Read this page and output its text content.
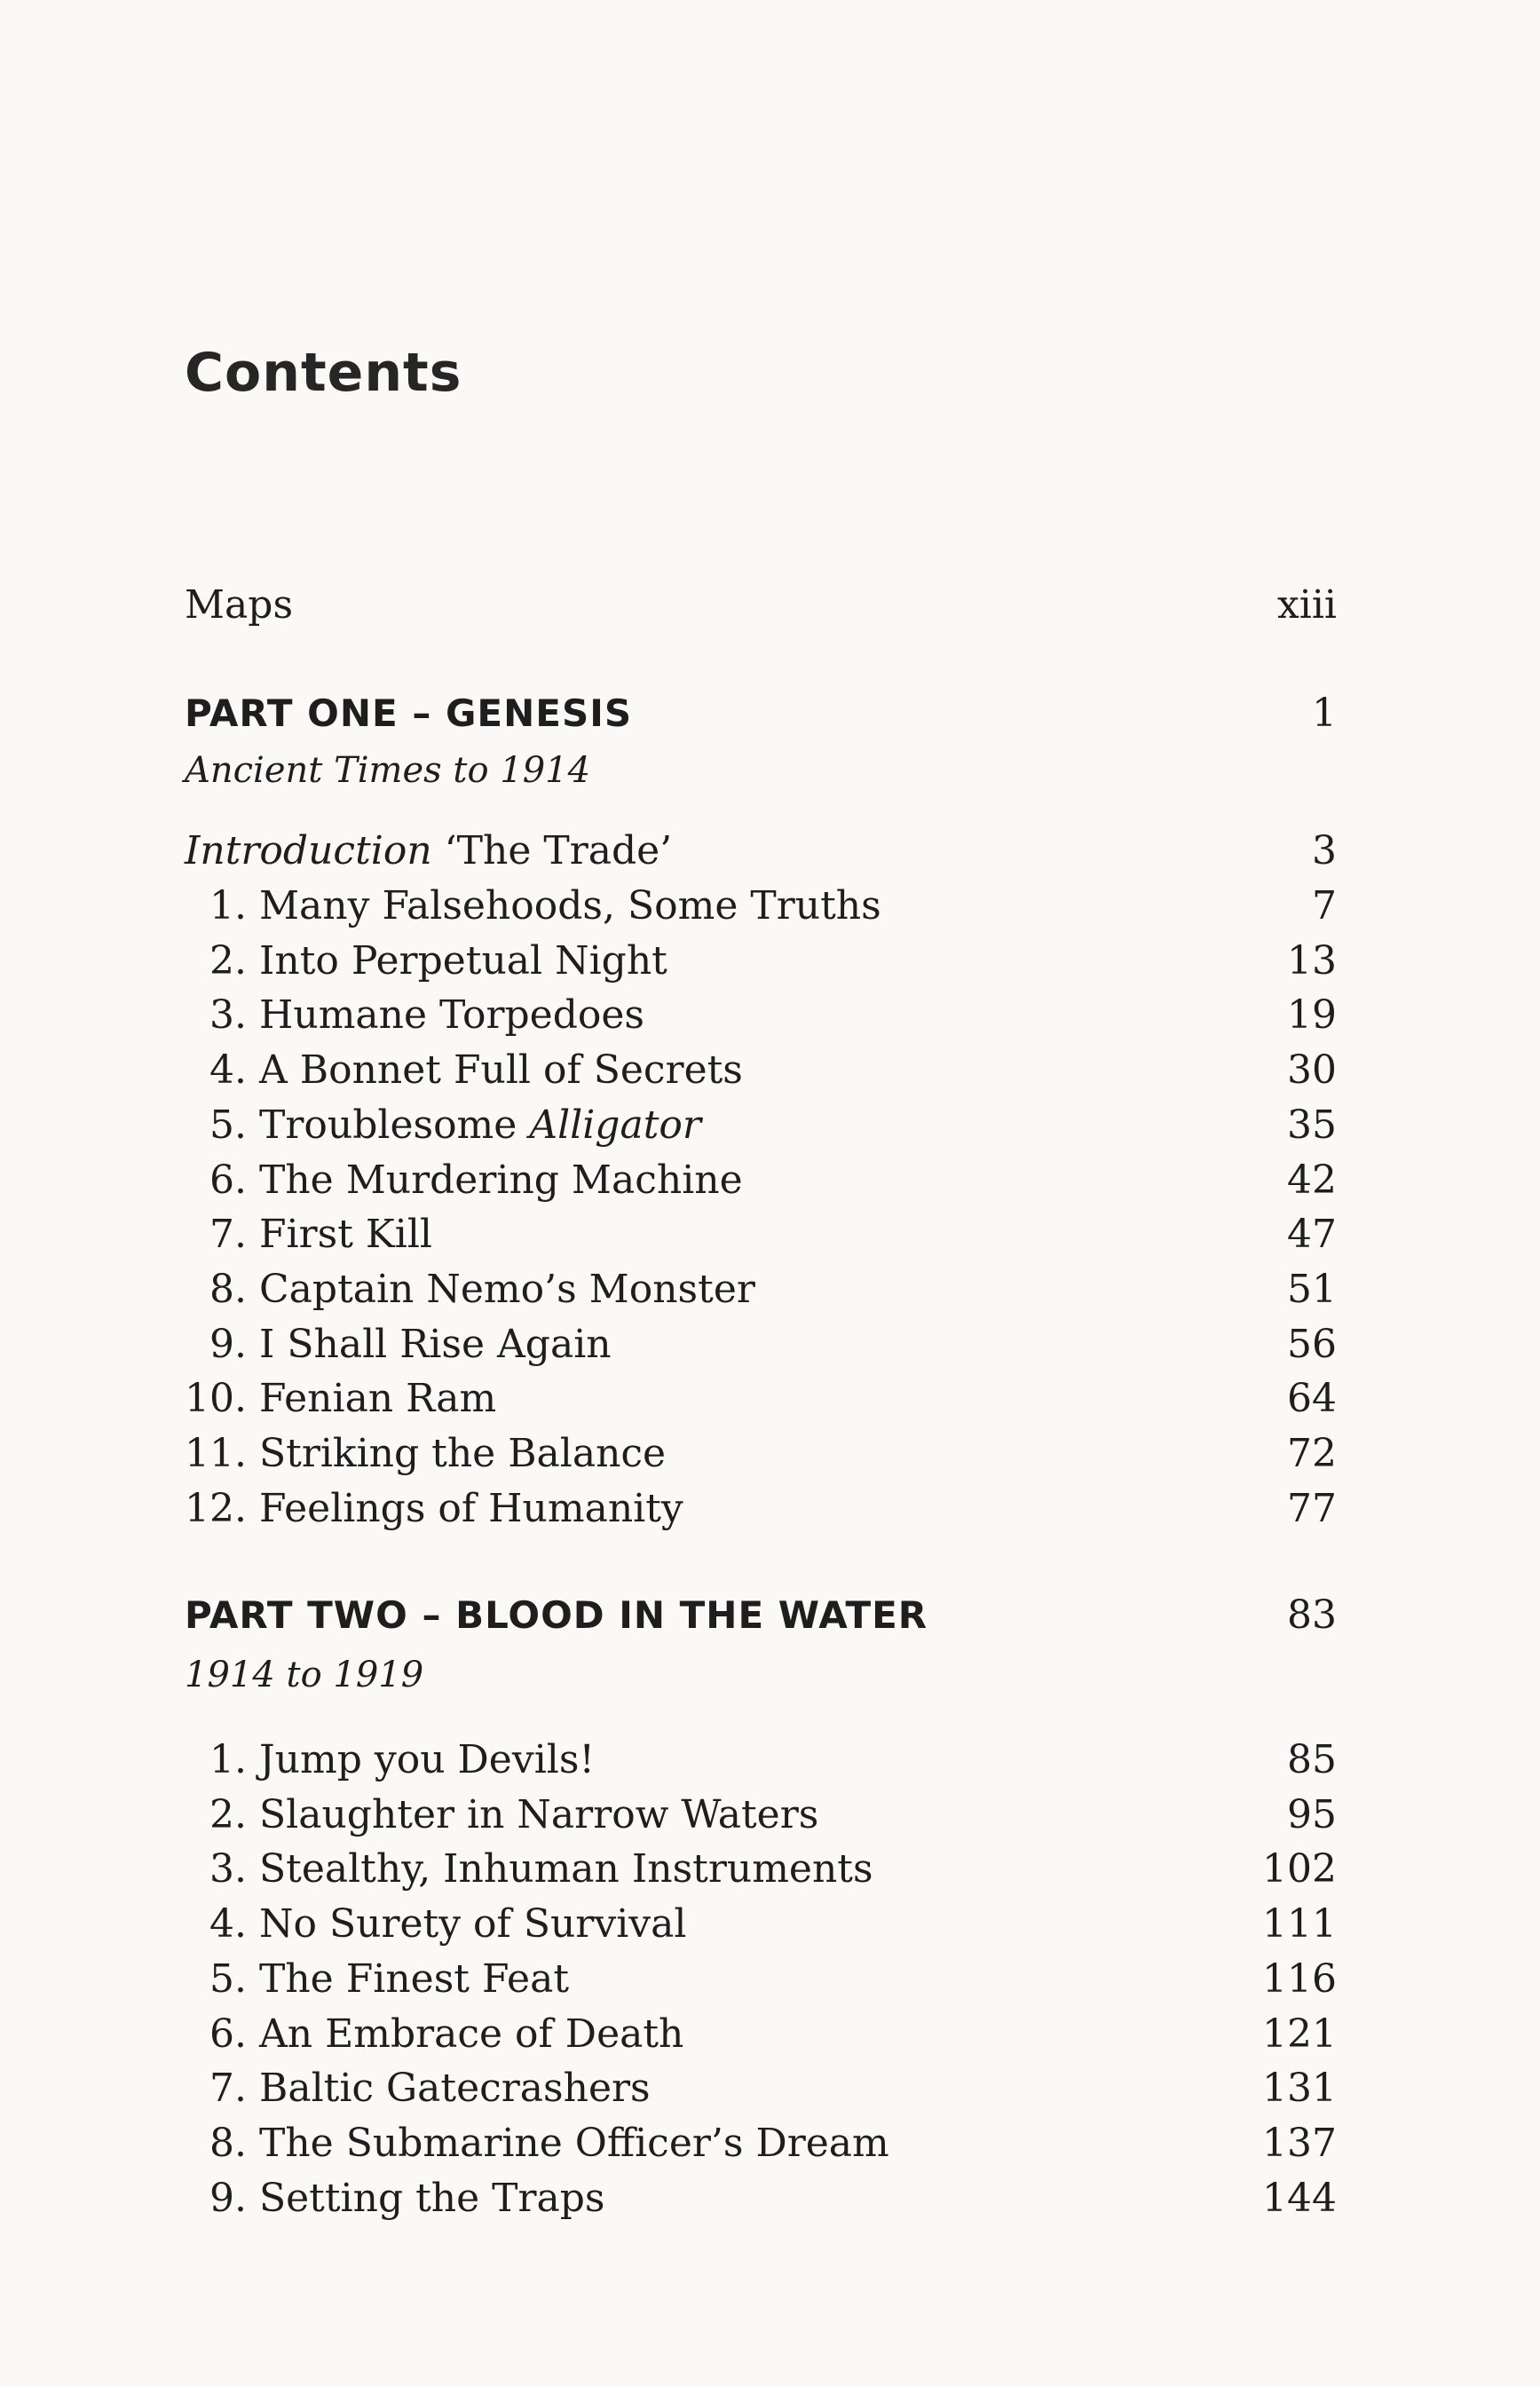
Contents
Maps	xiii
PART ONE – GENESIS	1
Ancient Times to 1914
Introduction ‘The Trade’	3
1. Many Falsehoods, Some Truths	7
2. Into Perpetual Night	13
3. Humane Torpedoes	19
4. A Bonnet Full of Secrets	30
5. Troublesome Alligator	35
6. The Murdering Machine	42
7. First Kill	47
8. Captain Nemo’s Monster	51
9. I Shall Rise Again	56
10. Fenian Ram	64
11. Striking the Balance	72
12. Feelings of Humanity	77
PART TWO – BLOOD IN THE WATER	83
1914 to 1919
1. Jump you Devils!	85
2. Slaughter in Narrow Waters	95
3. Stealthy, Inhuman Instruments	102
4. No Surety of Survival	111
5. The Finest Feat	116
6. An Embrace of Death	121
7. Baltic Gatecrashers	131
8. The Submarine Officer’s Dream	137
9. Setting the Traps	144
